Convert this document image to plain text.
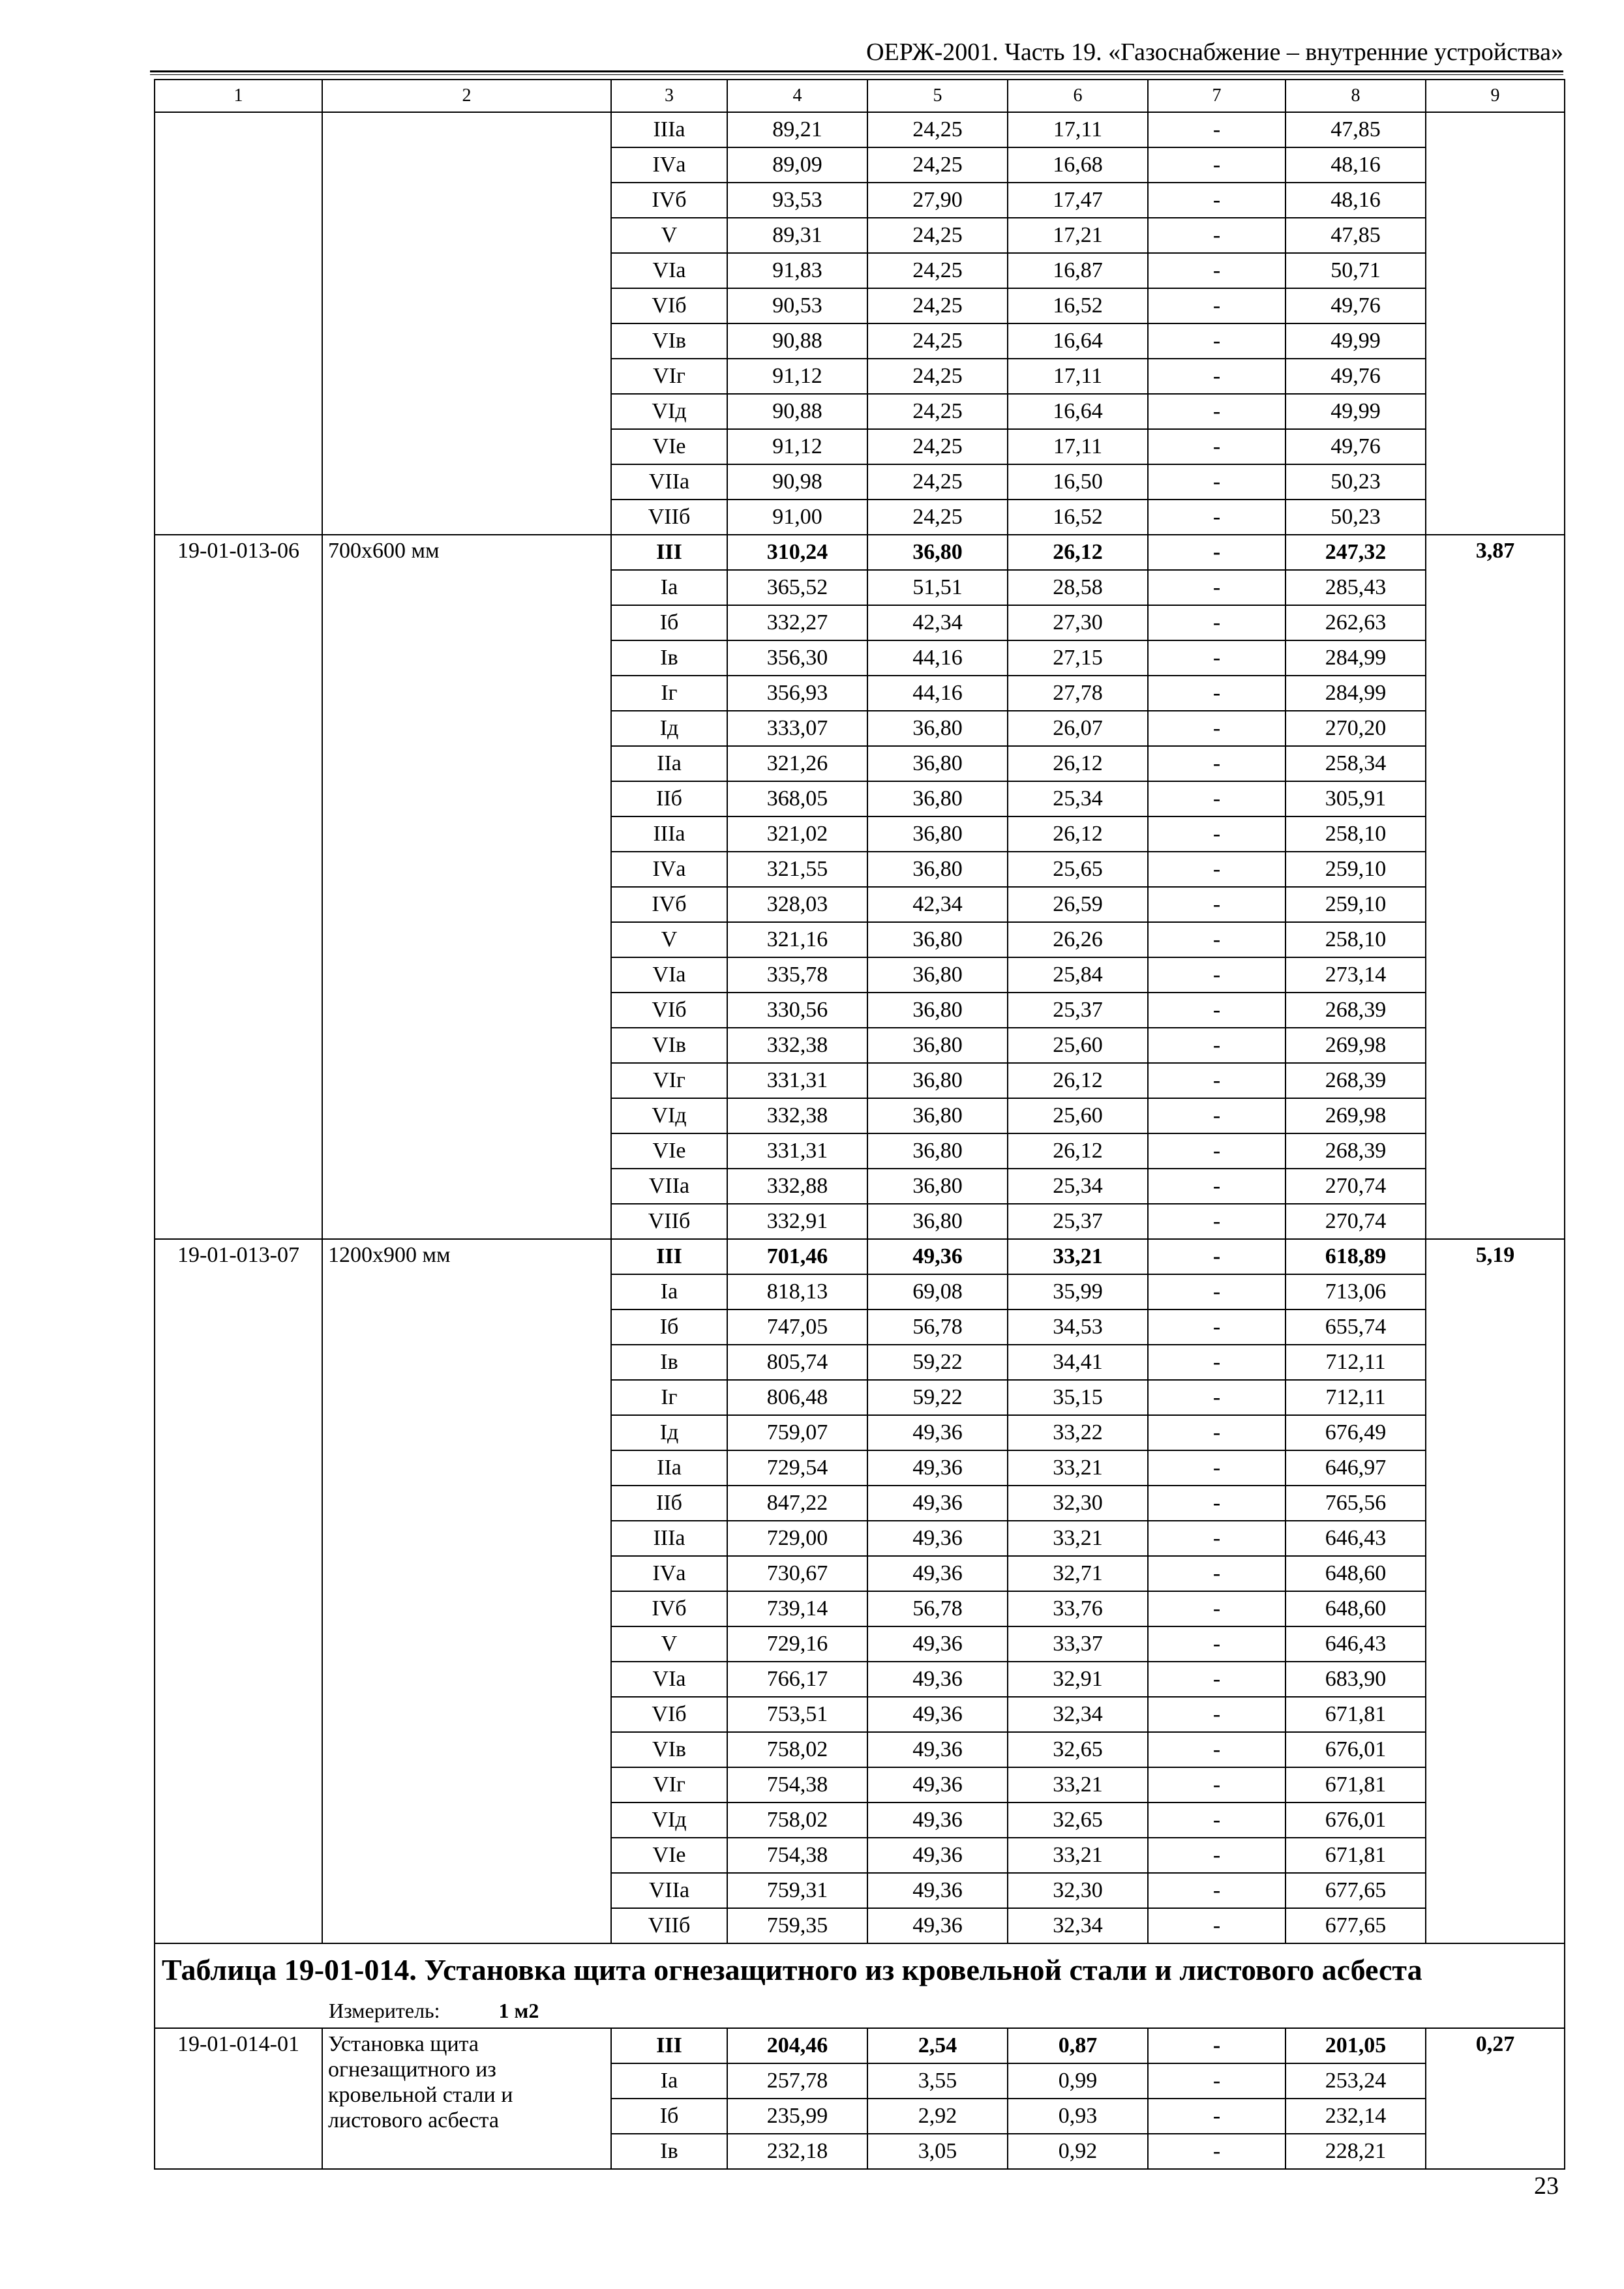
ОЕРЖ-2001. Часть 19. «Газоснабжение – внутренние устройства»
1	2	3	4	5	6	7	8	9
		IIIа	89,21	24,25	17,11	-	47,85	
		IVа	89,09	24,25	16,68	-	48,16	
		IVб	93,53	27,90	17,47	-	48,16	
		V	89,31	24,25	17,21	-	47,85	
		VIа	91,83	24,25	16,87	-	50,71	
		VIб	90,53	24,25	16,52	-	49,76	
		VIв	90,88	24,25	16,64	-	49,99	
		VIг	91,12	24,25	17,11	-	49,76	
		VIд	90,88	24,25	16,64	-	49,99	
		VIе	91,12	24,25	17,11	-	49,76	
		VIIа	90,98	24,25	16,50	-	50,23	
		VIIб	91,00	24,25	16,52	-	50,23	
19-01-013-06	700х600 мм	III	310,24	36,80	26,12	-	247,32	3,87
		Iа	365,52	51,51	28,58	-	285,43	
		Iб	332,27	42,34	27,30	-	262,63	
		Iв	356,30	44,16	27,15	-	284,99	
		Iг	356,93	44,16	27,78	-	284,99	
		Iд	333,07	36,80	26,07	-	270,20	
		IIа	321,26	36,80	26,12	-	258,34	
		IIб	368,05	36,80	25,34	-	305,91	
		IIIа	321,02	36,80	26,12	-	258,10	
		IVа	321,55	36,80	25,65	-	259,10	
		IVб	328,03	42,34	26,59	-	259,10	
		V	321,16	36,80	26,26	-	258,10	
		VIа	335,78	36,80	25,84	-	273,14	
		VIб	330,56	36,80	25,37	-	268,39	
		VIв	332,38	36,80	25,60	-	269,98	
		VIг	331,31	36,80	26,12	-	268,39	
		VIд	332,38	36,80	25,60	-	269,98	
		VIе	331,31	36,80	26,12	-	268,39	
		VIIа	332,88	36,80	25,34	-	270,74	
		VIIб	332,91	36,80	25,37	-	270,74	
19-01-013-07	1200х900 мм	III	701,46	49,36	33,21	-	618,89	5,19
		Iа	818,13	69,08	35,99	-	713,06	
		Iб	747,05	56,78	34,53	-	655,74	
		Iв	805,74	59,22	34,41	-	712,11	
		Iг	806,48	59,22	35,15	-	712,11	
		Iд	759,07	49,36	33,22	-	676,49	
		IIа	729,54	49,36	33,21	-	646,97	
		IIб	847,22	49,36	32,30	-	765,56	
		IIIа	729,00	49,36	33,21	-	646,43	
		IVа	730,67	49,36	32,71	-	648,60	
		IVб	739,14	56,78	33,76	-	648,60	
		V	729,16	49,36	33,37	-	646,43	
		VIа	766,17	49,36	32,91	-	683,90	
		VIб	753,51	49,36	32,34	-	671,81	
		VIв	758,02	49,36	32,65	-	676,01	
		VIг	754,38	49,36	33,21	-	671,81	
		VIд	758,02	49,36	32,65	-	676,01	
		VIе	754,38	49,36	33,21	-	671,81	
		VIIа	759,31	49,36	32,30	-	677,65	
		VIIб	759,35	49,36	32,34	-	677,65	

Таблица 19-01-014. Установка щита огнезащитного из кровельной стали и листового асбеста
Измеритель: 1 м2								

19-01-014-01	Установка щита огнезащитного из кровельной стали и листового асбеста	III	204,46	2,54	0,87	-	201,05	0,27
		Iа	257,78	3,55	0,99	-	253,24	
		Iб	235,99	2,92	0,93	-	232,14	
		Iв	232,18	3,05	0,92	-	228,21	
23
